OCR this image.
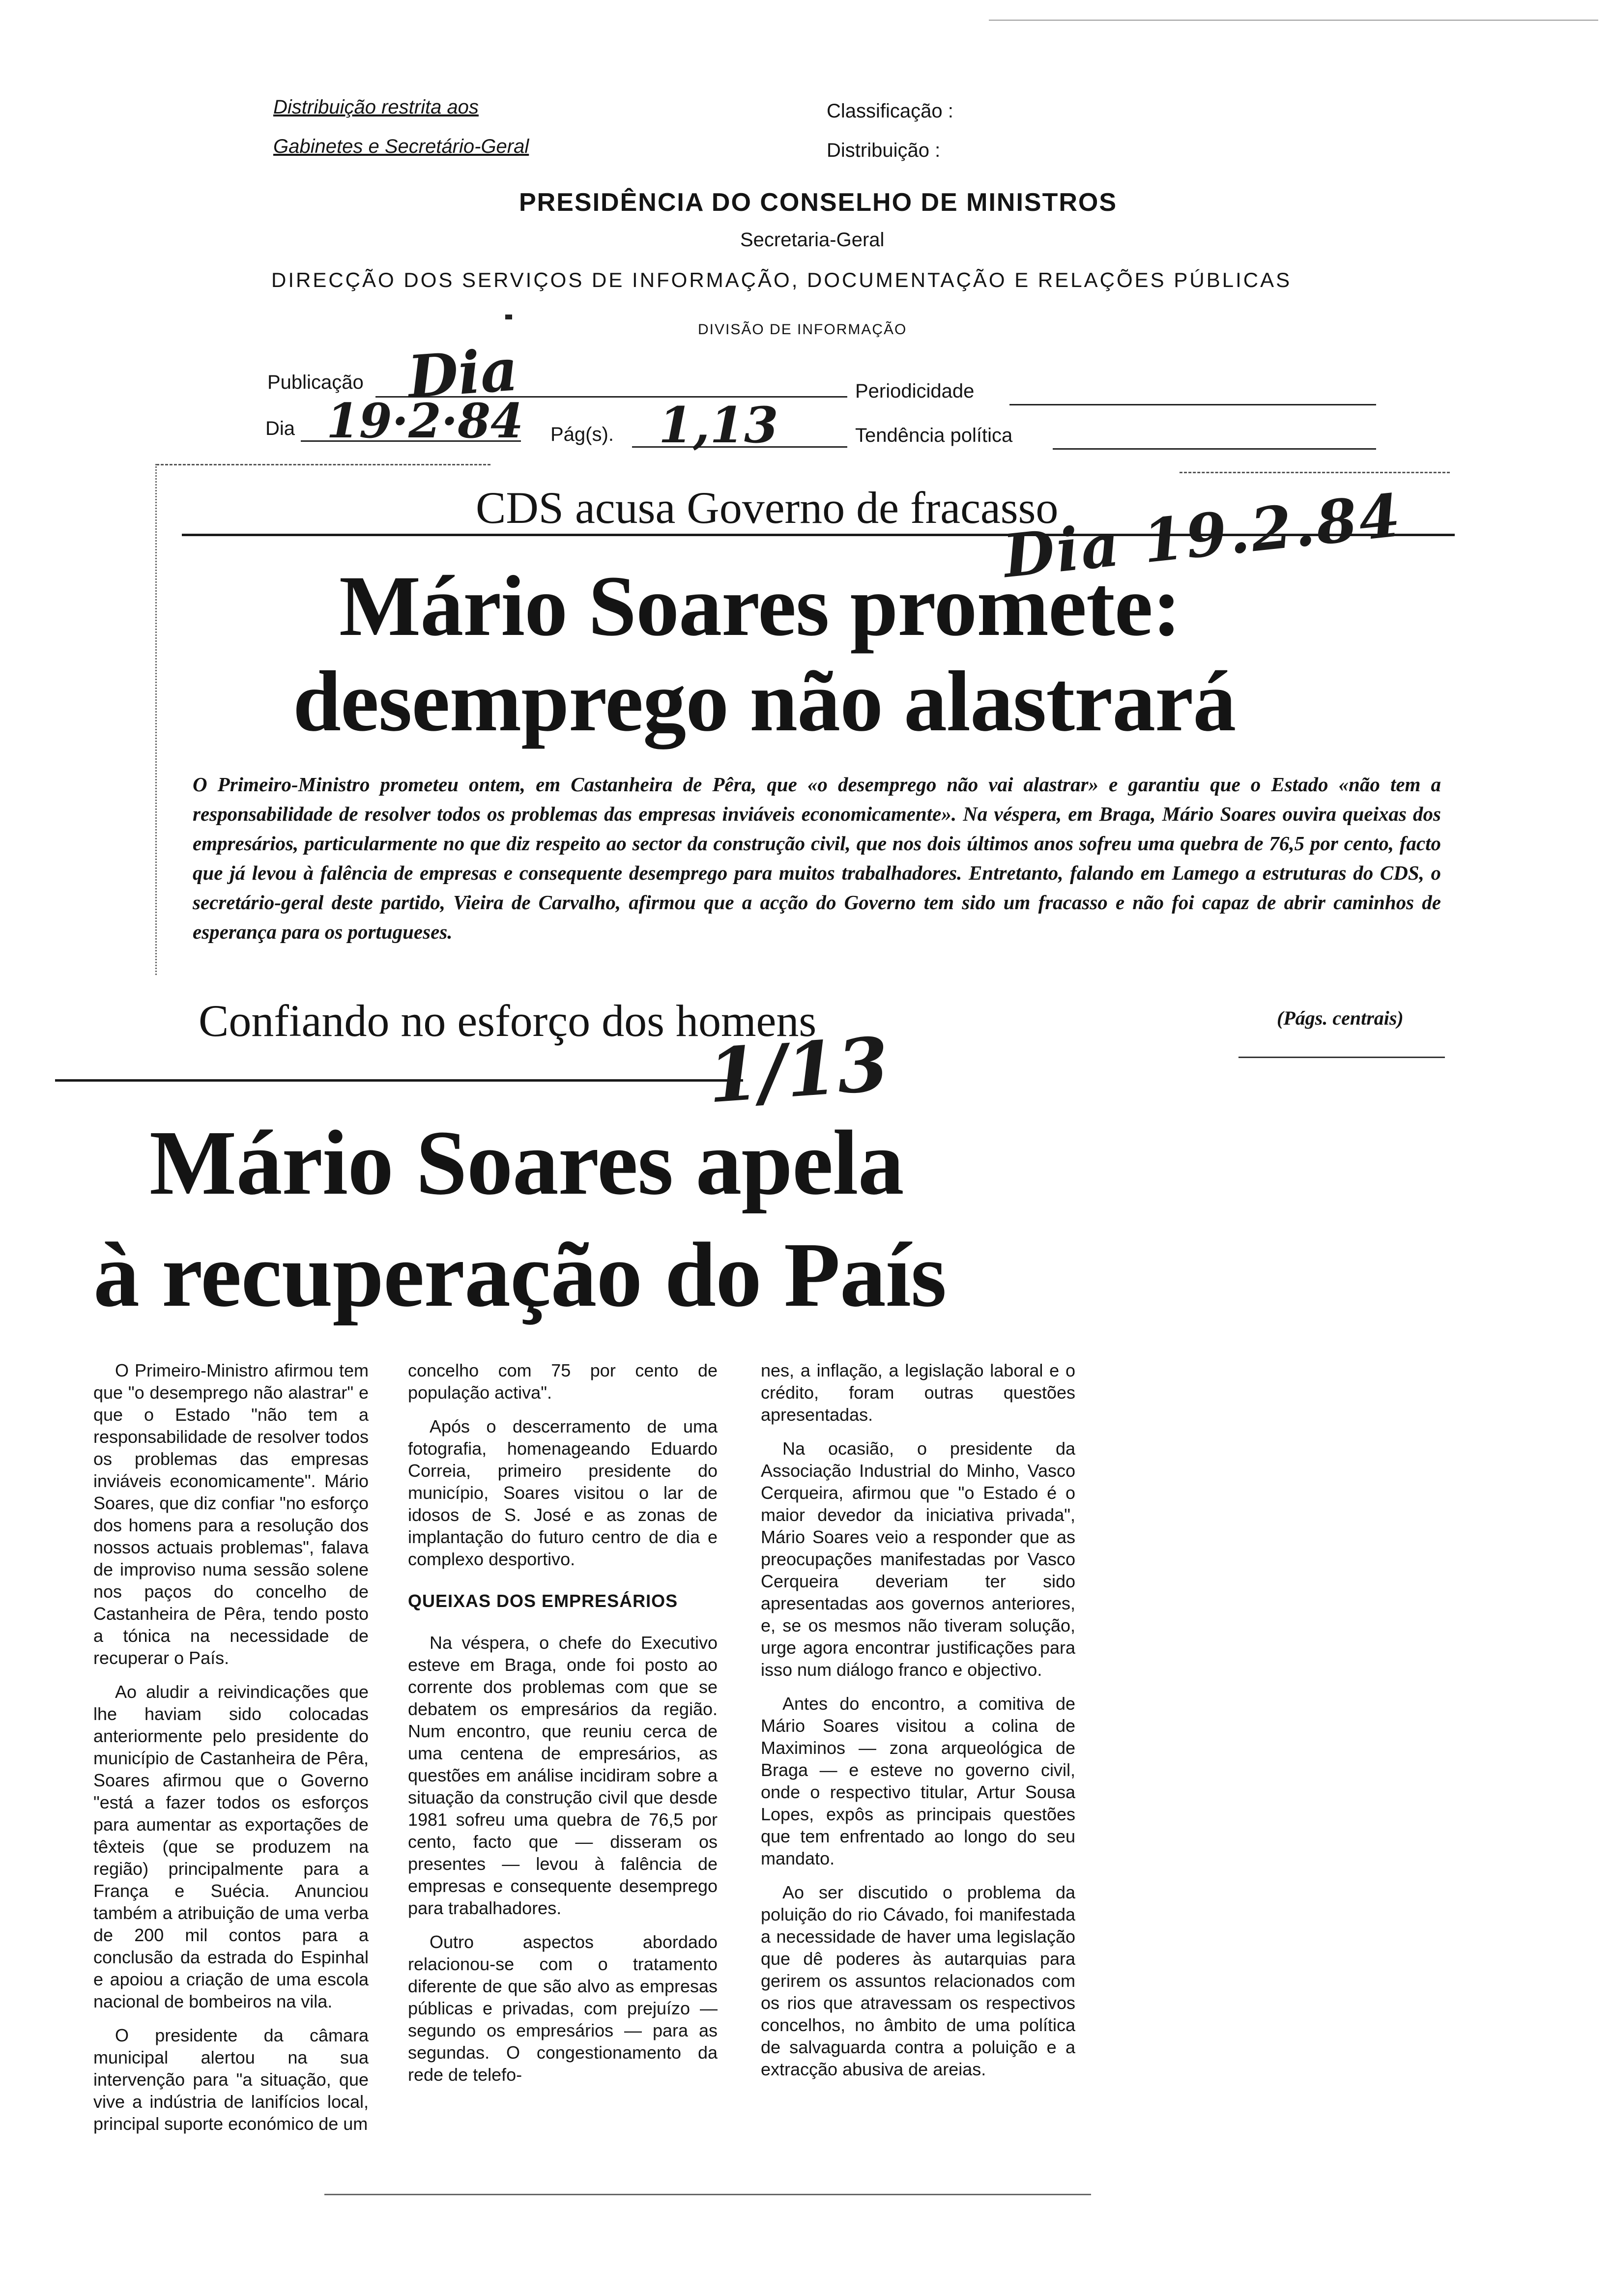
Distribuição restrita aos
Gabinetes e Secretário-Geral
Classificação :
Distribuição :
PRESIDÊNCIA DO CONSELHO DE MINISTROS
Secretaria-Geral
DIRECÇÃO DOS SERVIÇOS DE INFORMAÇÃO, DOCUMENTAÇÃO E RELAÇÕES PÚBLICAS
DIVISÃO DE INFORMAÇÃO
Publicação Dia	Periodicidade
Dia 19·2·84 Pág(s). 1,13	Tendência política
CDS acusa Governo de fracasso
Dia 19.2.84
Mário Soares promete:
desemprego não alastrará
O Primeiro-Ministro prometeu ontem, em Castanheira de Pêra, que «o desemprego não vai alastrar» e garantiu que o Estado «não tem a responsabilidade de resolver todos os problemas das empresas inviáveis economicamente». Na véspera, em Braga, Mário Soares ouvira queixas dos empresários, particularmente no que diz respeito ao sector da construção civil, que nos dois últimos anos sofreu uma quebra de 76,5 por cento, facto que já levou à falência de empresas e consequente desemprego para muitos trabalhadores. Entretanto, falando em Lamego a estruturas do CDS, o secretário-geral deste partido, Vieira de Carvalho, afirmou que a acção do Governo tem sido um fracasso e não foi capaz de abrir caminhos de esperança para os portugueses.
Confiando no esforço dos homens	(Págs. centrais)
1/13
Mário Soares apela
à recuperação do País

O Primeiro-Ministro afirmou tem que "o desemprego não alastrar" e que o Estado "não tem a responsabilidade de resolver todos os problemas das empresas inviáveis economicamente". Mário Soares, que diz confiar "no esforço dos homens para a resolução dos nossos actuais problemas", falava de improviso numa sessão solene nos paços do concelho de Castanheira de Pêra, tendo posto a tónica na necessidade de recuperar o País.

Ao aludir a reivindicações que lhe haviam sido colocadas anteriormente pelo presidente do município de Castanheira de Pêra, Soares afirmou que o Governo "está a fazer todos os esforços para aumentar as exportações de têxteis (que se produzem na região) principalmente para a França e Suécia. Anunciou também a atribuição de uma verba de 200 mil contos para a conclusão da estrada do Espinhal e apoiou a criação de uma escola nacional de bombeiros na vila.

O presidente da câmara municipal alertou na sua intervenção para "a situação, que vive a indústria de lanifícios local, principal suporte económico de um

concelho com 75 por cento de população activa".

Após o descerramento de uma fotografia, homenageando Eduardo Correia, primeiro presidente do município, Soares visitou o lar de idosos de S. José e as zonas de implantação do futuro centro de dia e complexo desportivo.

QUEIXAS DOS EMPRESÁRIOS

Na véspera, o chefe do Executivo esteve em Braga, onde foi posto ao corrente dos problemas com que se debatem os empresários da região. Num encontro, que reuniu cerca de uma centena de empresários, as questões em análise incidiram sobre a situação da construção civil que desde 1981 sofreu uma quebra de 76,5 por cento, facto que — disseram os presentes — levou à falência de empresas e consequente desemprego para trabalhadores.

Outro aspectos abordado relacionou-se com o tratamento diferente de que são alvo as empresas públicas e privadas, com prejuízo — segundo os empresários — para as segundas. O congestionamento da rede de telefo-

nes, a inflação, a legislação laboral e o crédito, foram outras questões apresentadas.

Na ocasião, o presidente da Associação Industrial do Minho, Vasco Cerqueira, afirmou que "o Estado é o maior devedor da iniciativa privada", Mário Soares veio a responder que as preocupações manifestadas por Vasco Cerqueira deveriam ter sido apresentadas aos governos anteriores, e, se os mesmos não tiveram solução, urge agora encontrar justificações para isso num diálogo franco e objectivo.

Antes do encontro, a comitiva de Mário Soares visitou a colina de Maximinos — zona arqueológica de Braga — e esteve no governo civil, onde o respectivo titular, Artur Sousa Lopes, expôs as principais questões que tem enfrentado ao longo do seu mandato.

Ao ser discutido o problema da poluição do rio Cávado, foi manifestada a necessidade de haver uma legislação que dê poderes às autarquias para gerirem os assuntos relacionados com os rios que atravessam os respectivos concelhos, no âmbito de uma política de salvaguarda contra a poluição e a extracção abusiva de areias.
